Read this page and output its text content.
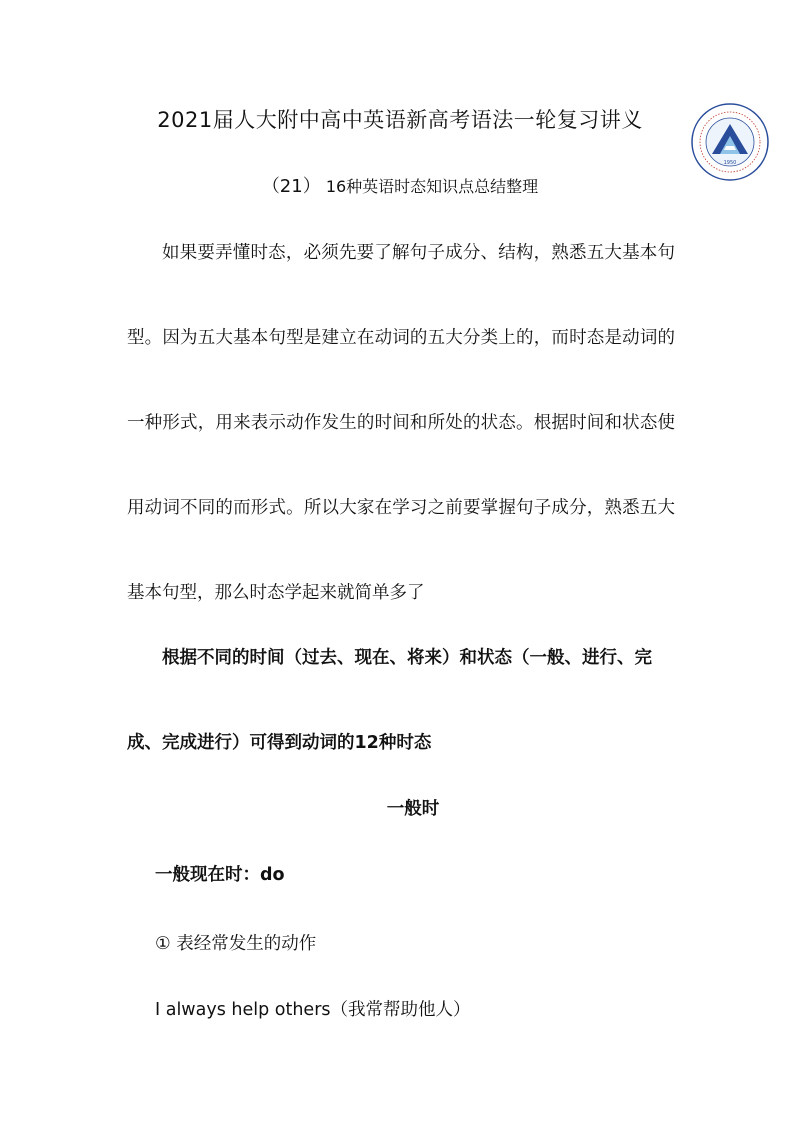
2021届人大附中高中英语新高考语法一轮复习讲义
1950
（21） 16种英语时态知识点总结整理

如果要弄懂时态，必须先要了解句子成分、结构，熟悉五大基本句型。因为五大基本句型是建立在动词的五大分类上的，而时态是动词的一种形式，用来表示动作发生的时间和所处的状态。根据时间和状态使用动词不同的而形式。所以大家在学习之前要掌握句子成分，熟悉五大基本句型，那么时态学起来就简单多了

根据不同的时间（过去、现在、将来）和状态（一般、进行、完成、完成进行）可得到动词的12种时态

一般时
一般现在时：do
① 表经常发生的动作
I always help others（我常帮助他人）
